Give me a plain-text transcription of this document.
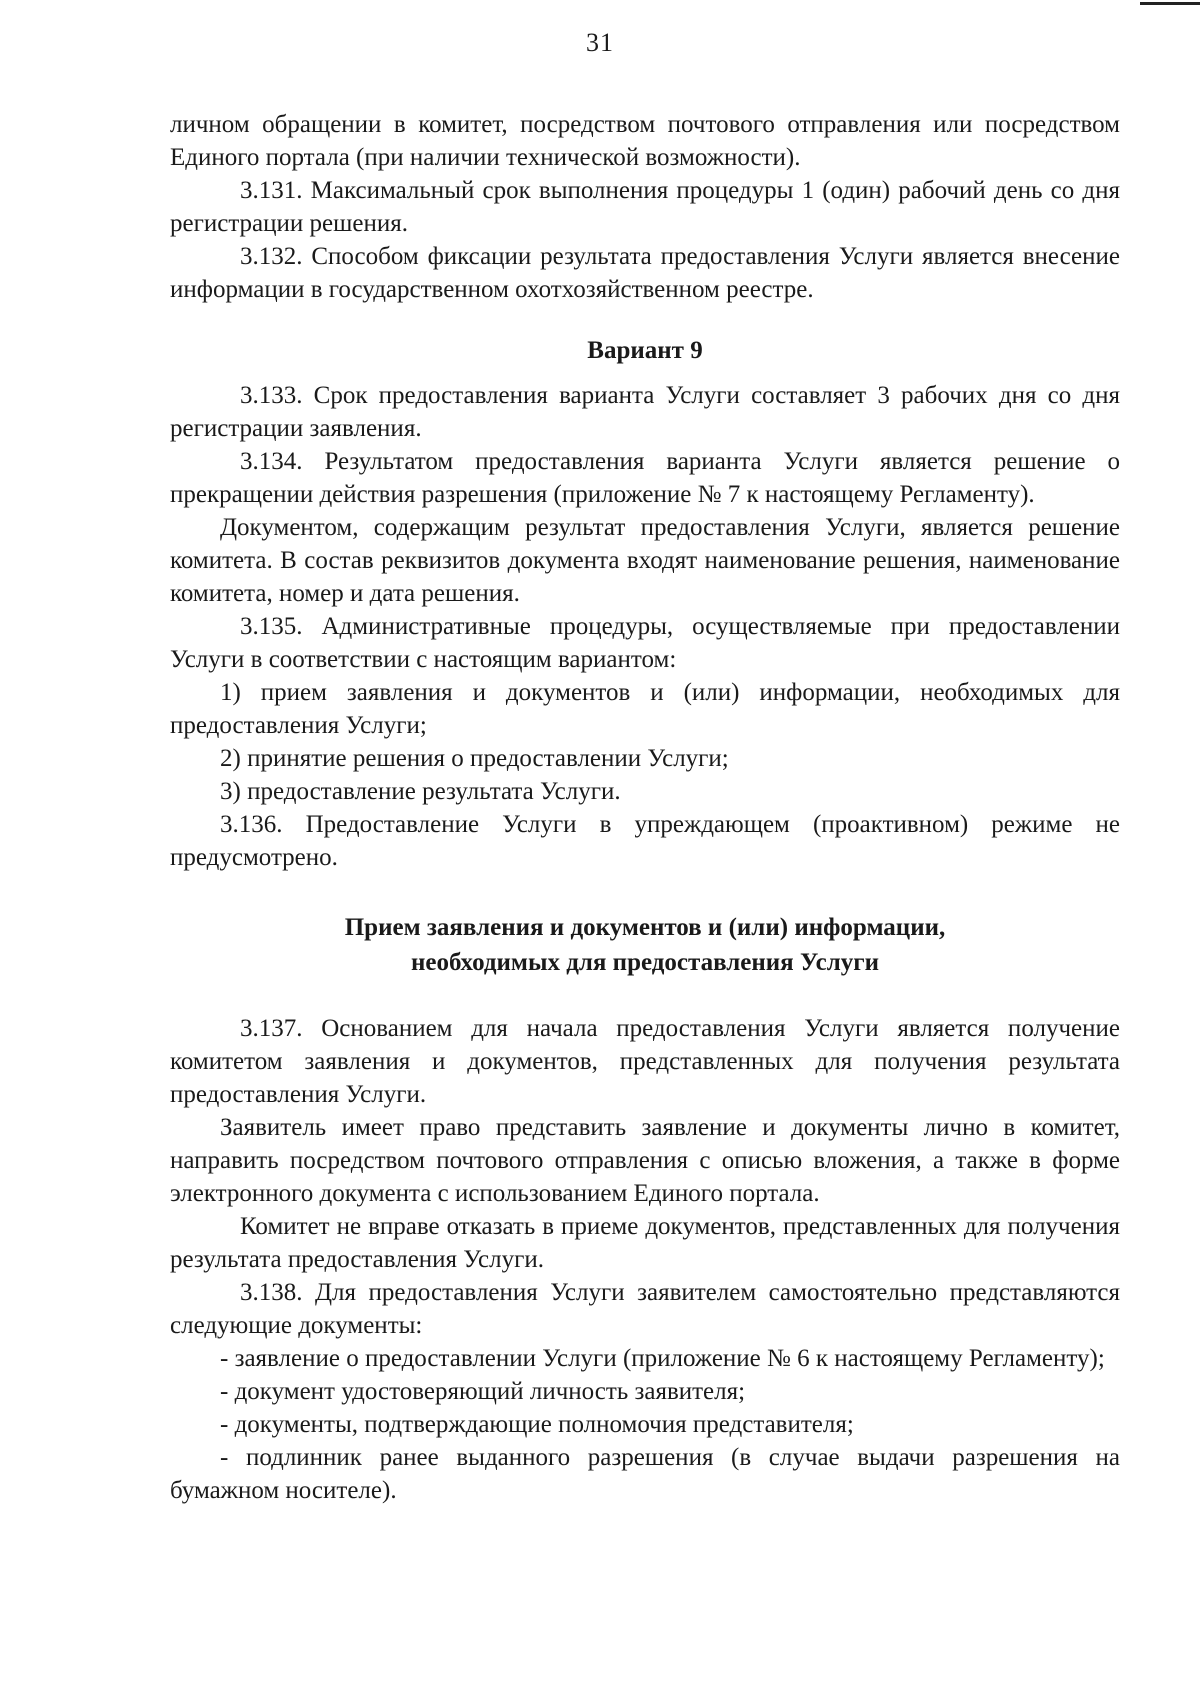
31

личном обращении в комитет, посредством почтового отправления или посредством Единого портала (при наличии технической возможности).

3.131. Максимальный срок выполнения процедуры 1 (один) рабочий день со дня регистрации решения.

3.132. Способом фиксации результата предоставления Услуги является внесение информации в государственном охотхозяйственном реестре.

Вариант 9

3.133. Срок предоставления варианта Услуги составляет 3 рабочих дня со дня регистрации заявления.

3.134. Результатом предоставления варианта Услуги является решение о прекращении действия разрешения (приложение № 7 к настоящему Регламенту).

Документом, содержащим результат предоставления Услуги, является решение комитета. В состав реквизитов документа входят наименование решения, наименование комитета, номер и дата решения.

3.135. Административные процедуры, осуществляемые при предоставлении Услуги в соответствии с настоящим вариантом:

1) прием заявления и документов и (или) информации, необходимых для предоставления Услуги;

2) принятие решения о предоставлении Услуги;

3) предоставление результата Услуги.

3.136. Предоставление Услуги в упреждающем (проактивном) режиме не предусмотрено.

Прием заявления и документов и (или) информации,

необходимых для предоставления Услуги

3.137. Основанием для начала предоставления Услуги является получение комитетом заявления и документов, представленных для получения результата предоставления Услуги.

Заявитель имеет право представить заявление и документы лично в комитет, направить посредством почтового отправления с описью вложения, а также в форме электронного документа с использованием Единого портала.

Комитет не вправе отказать в приеме документов, представленных для получения результата предоставления Услуги.

3.138. Для предоставления Услуги заявителем самостоятельно представляются следующие документы:

- заявление о предоставлении Услуги (приложение № 6 к настоящему Регламенту);

- документ удостоверяющий личность заявителя;

- документы, подтверждающие полномочия представителя;

- подлинник ранее выданного разрешения (в случае выдачи разрешения на бумажном носителе).
